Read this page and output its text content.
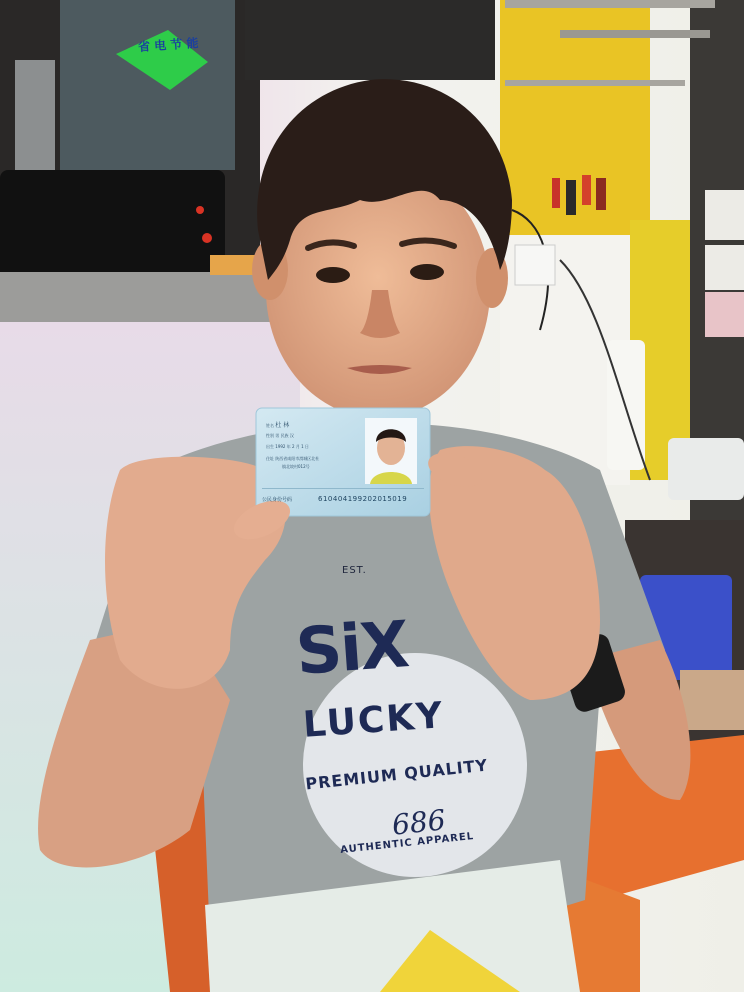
省 电 节 能
姓名 杜 林
性别 男 民族 汉
出生 1992 年 2 月 1 日
住址 陕西省咸阳市渭城区北杜
镇北坡村012号
公民身份号码	610404199202015019
EST.
SiX
LUCKY
PREMIUM QUALITY
686
AUTHENTIC APPAREL
